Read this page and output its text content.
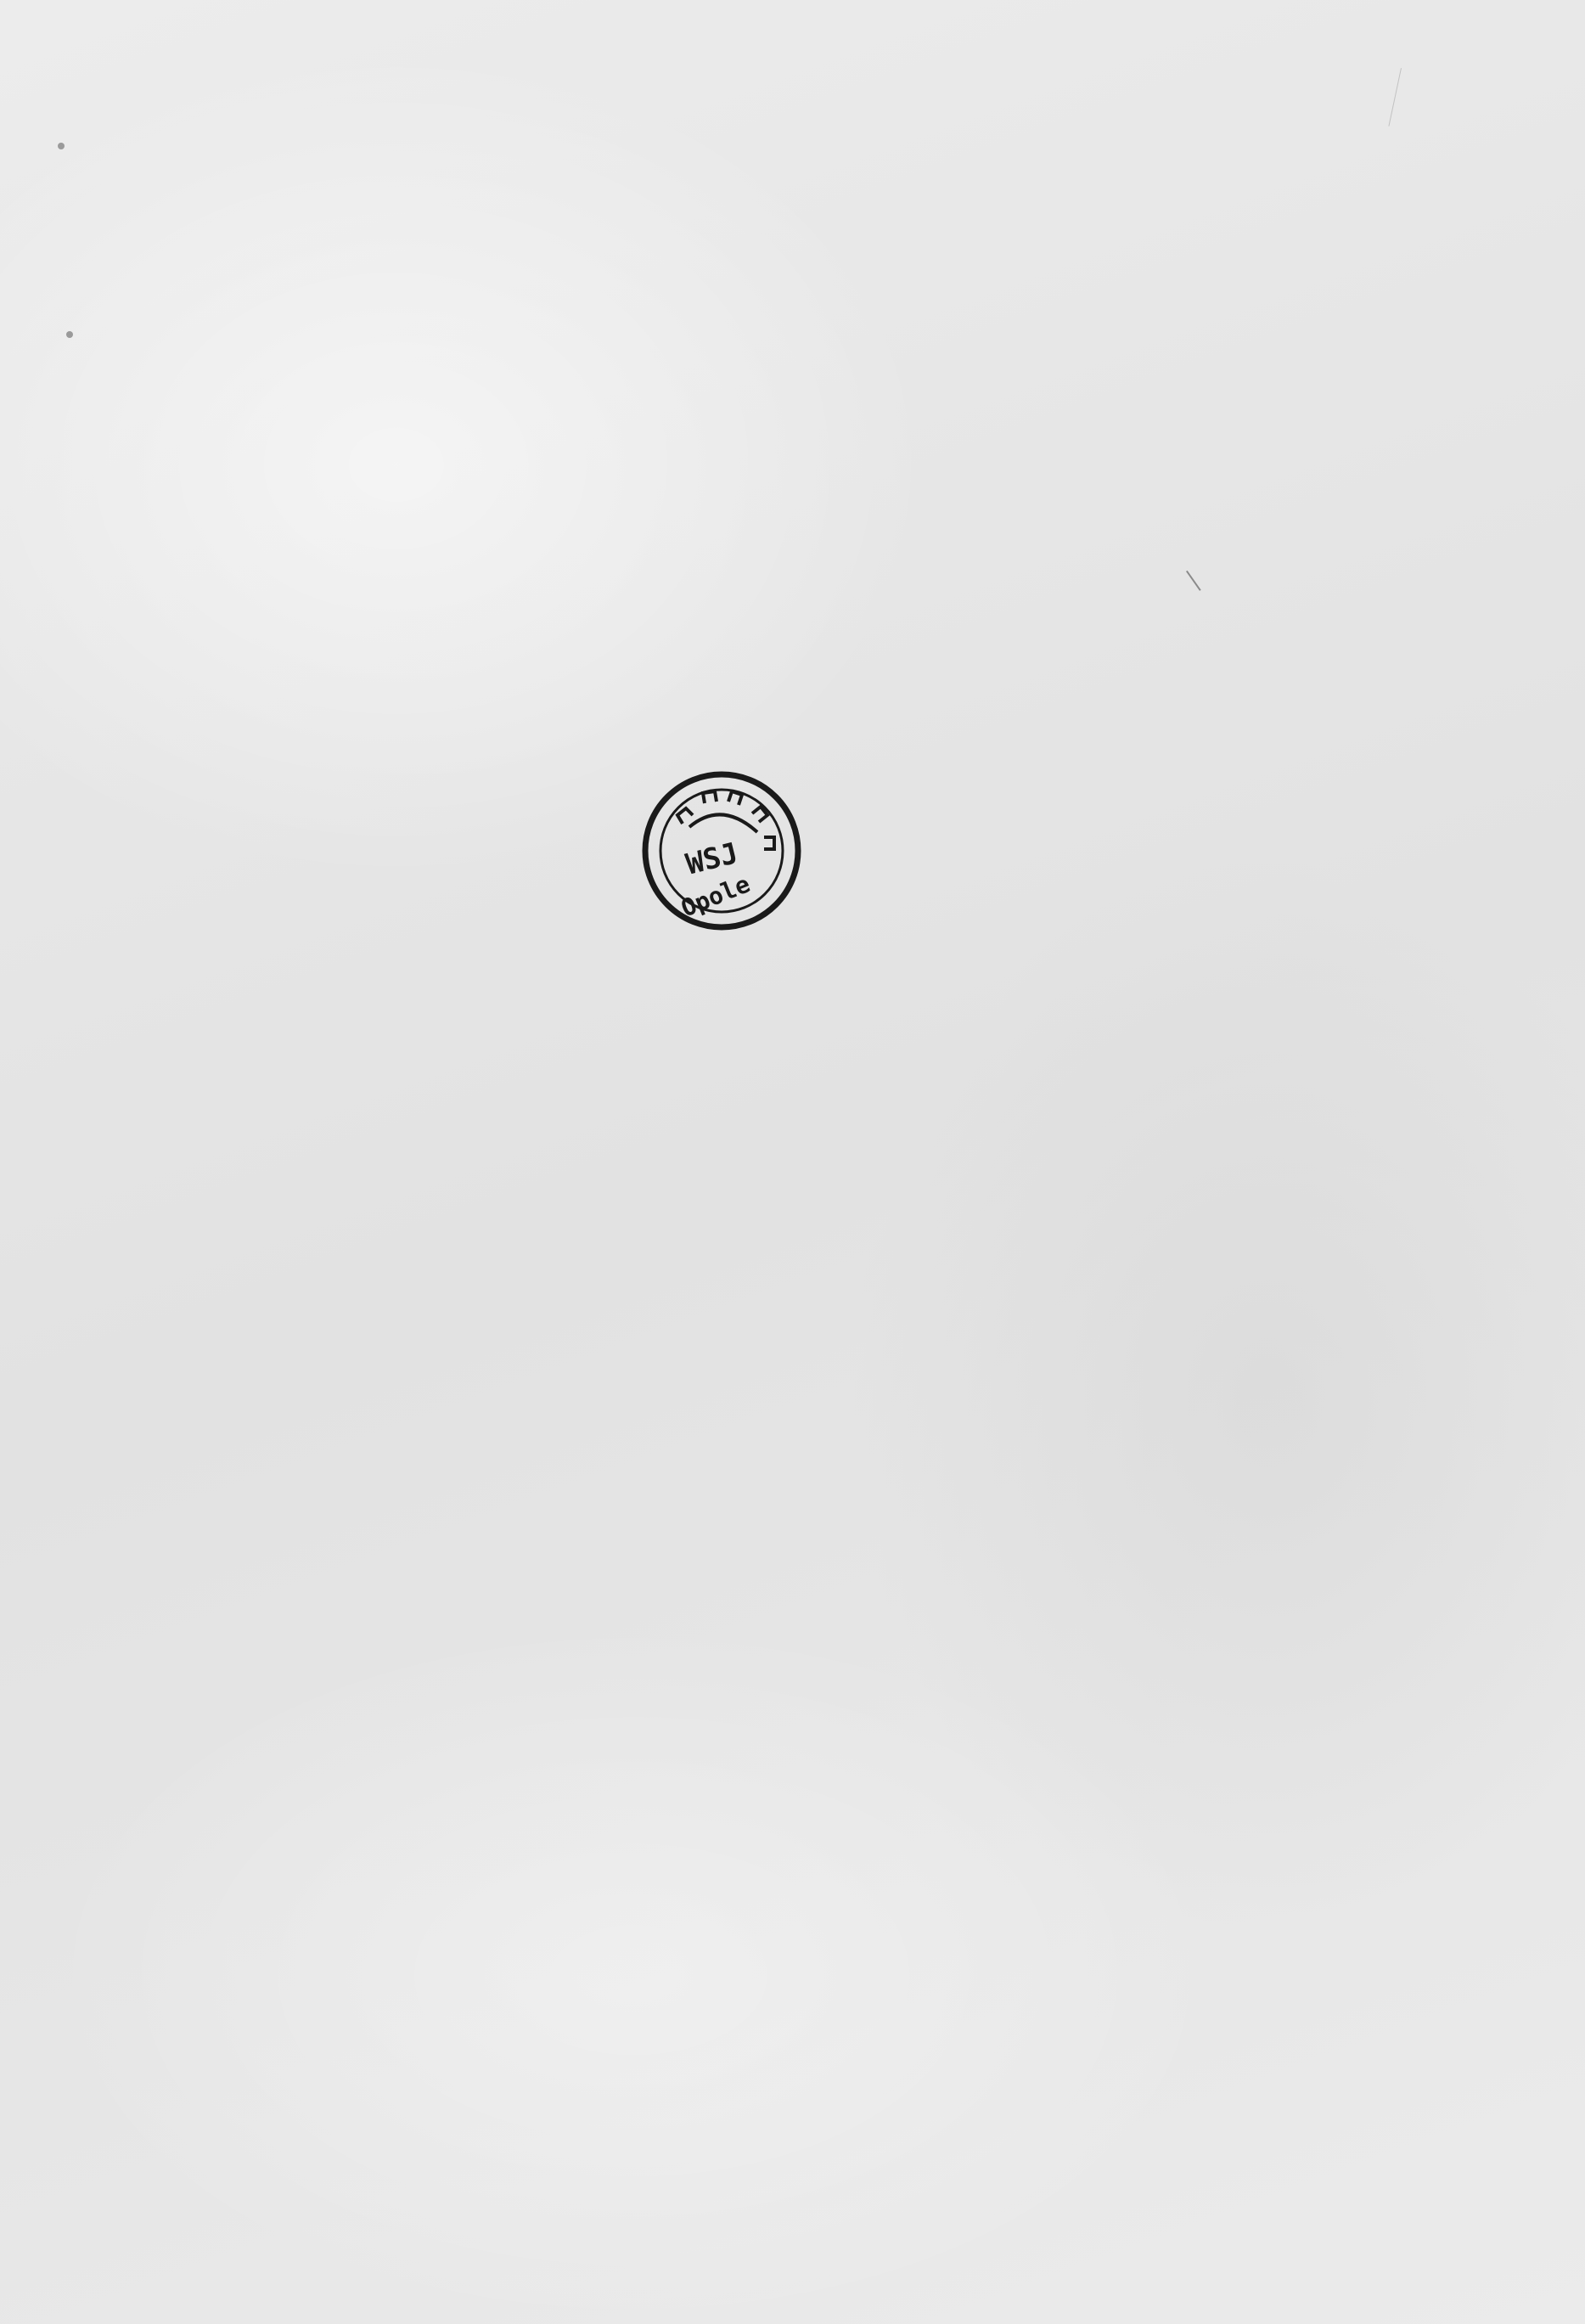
WSJ
Opole
